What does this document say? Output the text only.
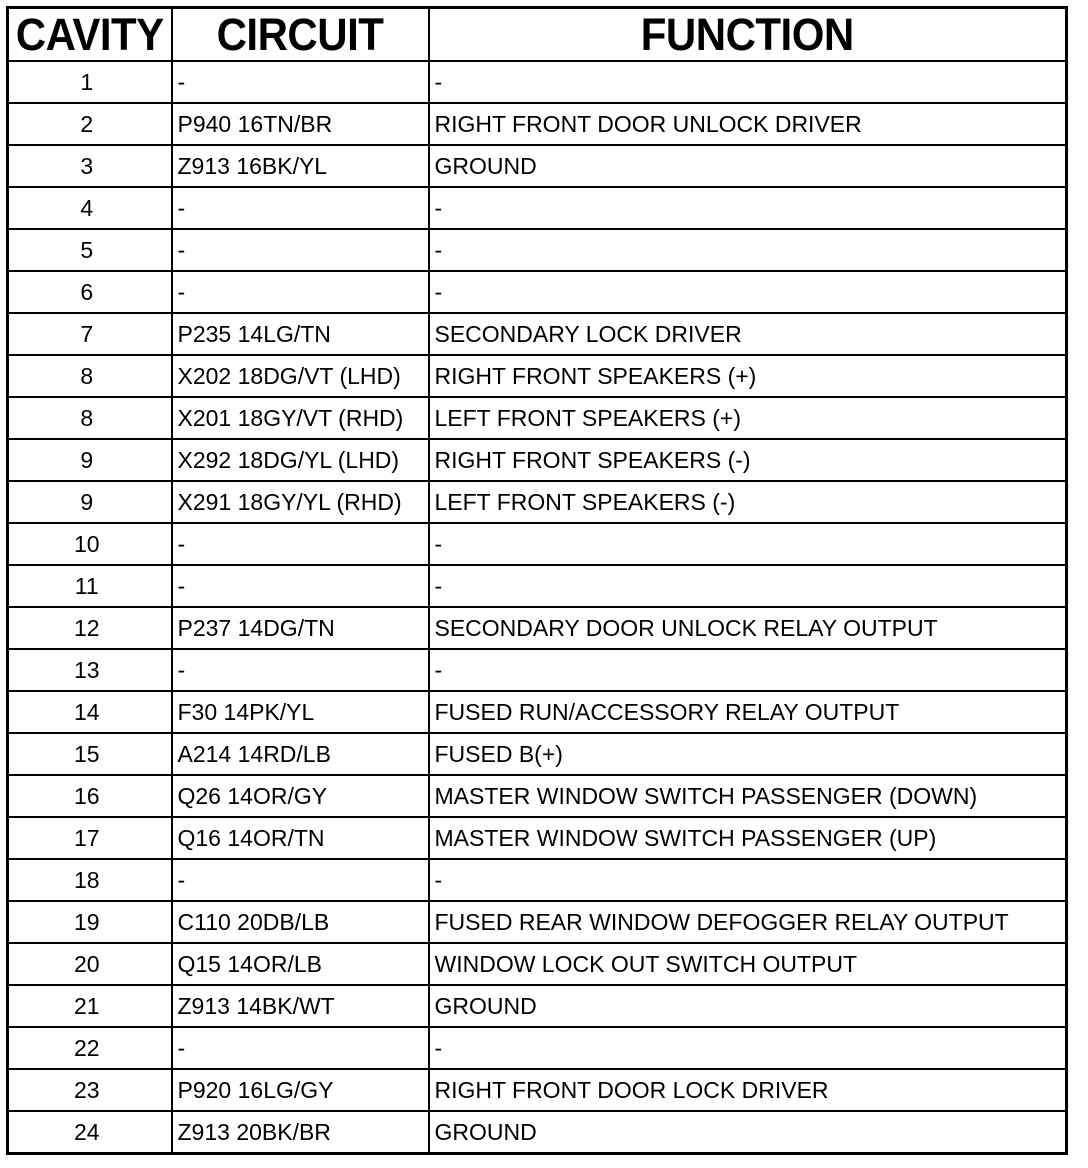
CAVITY	CIRCUIT	FUNCTION
1	-	-
2	P940 16TN/BR	RIGHT FRONT DOOR UNLOCK DRIVER
3	Z913 16BK/YL	GROUND
4	-	-
5	-	-
6	-	-
7	P235 14LG/TN	SECONDARY LOCK DRIVER
8	X202 18DG/VT (LHD)	RIGHT FRONT SPEAKERS (+)
8	X201 18GY/VT (RHD)	LEFT FRONT SPEAKERS (+)
9	X292 18DG/YL (LHD)	RIGHT FRONT SPEAKERS (-)
9	X291 18GY/YL (RHD)	LEFT FRONT SPEAKERS (-)
10	-	-
11	-	-
12	P237 14DG/TN	SECONDARY DOOR UNLOCK RELAY OUTPUT
13	-	-
14	F30 14PK/YL	FUSED RUN/ACCESSORY RELAY OUTPUT
15	A214 14RD/LB	FUSED B(+)
16	Q26 14OR/GY	MASTER WINDOW SWITCH PASSENGER (DOWN)
17	Q16 14OR/TN	MASTER WINDOW SWITCH PASSENGER (UP)
18	-	-
19	C110 20DB/LB	FUSED REAR WINDOW DEFOGGER RELAY OUTPUT
20	Q15 14OR/LB	WINDOW LOCK OUT SWITCH OUTPUT
21	Z913 14BK/WT	GROUND
22	-	-
23	P920 16LG/GY	RIGHT FRONT DOOR LOCK DRIVER
24	Z913 20BK/BR	GROUND
